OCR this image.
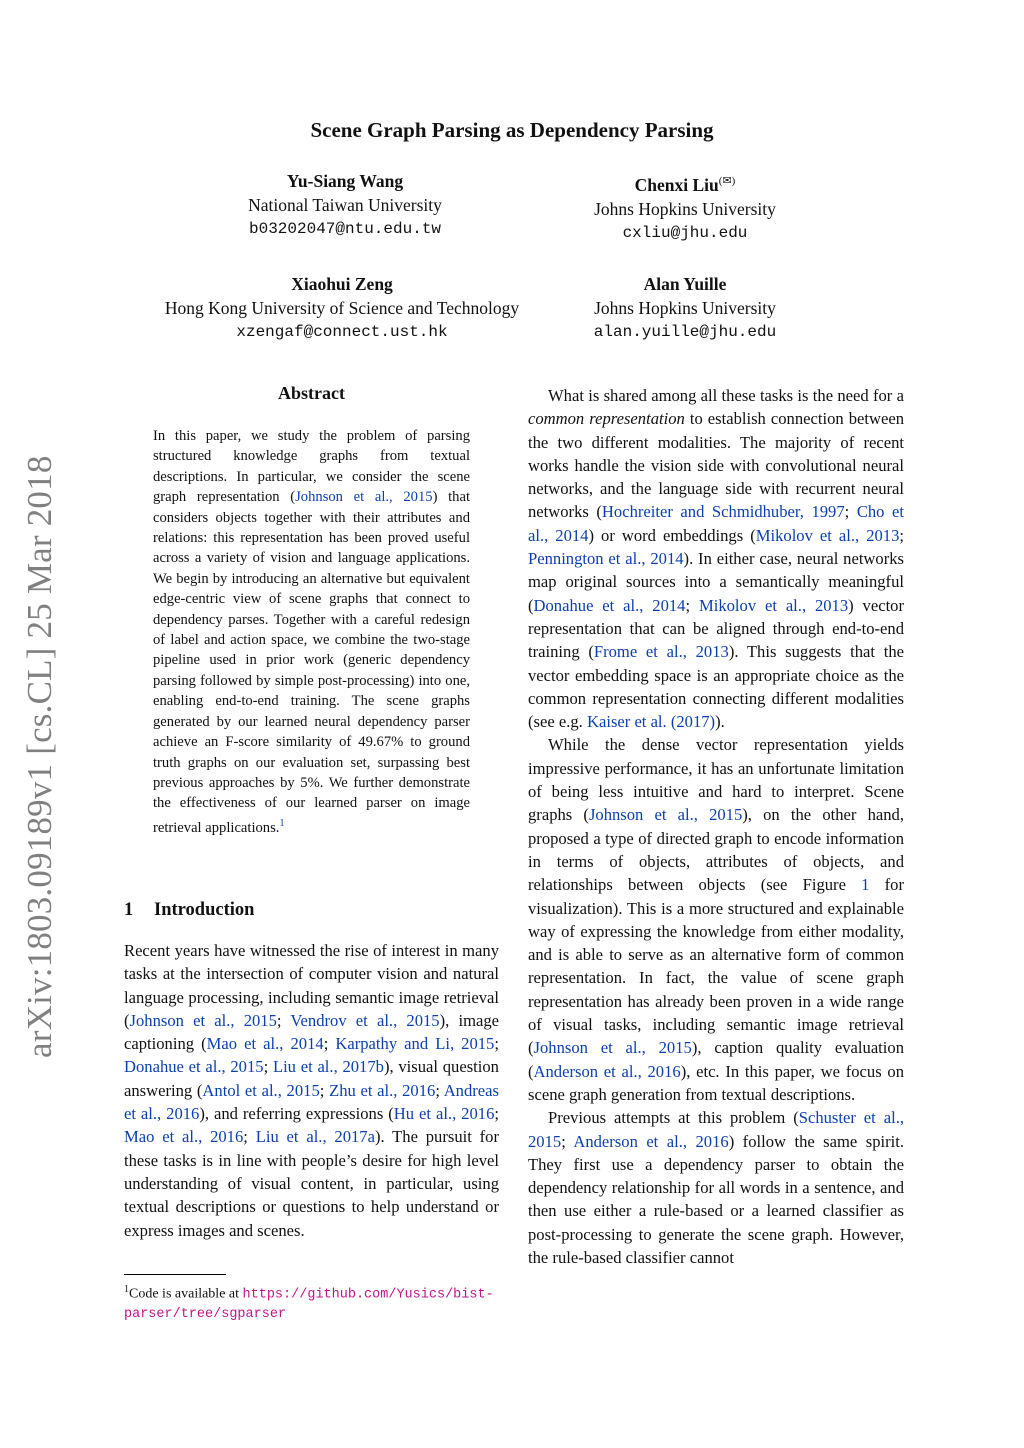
Scene Graph Parsing as Dependency Parsing
Yu-Siang Wang
National Taiwan University
b03202047@ntu.edu.tw
Chenxi Liu(✉)
Johns Hopkins University
cxliu@jhu.edu
Xiaohui Zeng
Hong Kong University of Science and Technology
xzengaf@connect.ust.hk
Alan Yuille
Johns Hopkins University
alan.yuille@jhu.edu
arXiv:1803.09189v1 [cs.CL] 25 Mar 2018
Abstract
In this paper, we study the problem of parsing structured knowledge graphs from textual descriptions. In particular, we consider the scene graph representation (Johnson et al., 2015) that considers objects together with their attributes and relations: this representation has been proved useful across a variety of vision and language applications. We begin by introducing an alternative but equivalent edge-centric view of scene graphs that connect to dependency parses. Together with a careful redesign of label and action space, we combine the two-stage pipeline used in prior work (generic dependency parsing followed by simple post-processing) into one, enabling end-to-end training. The scene graphs generated by our learned neural dependency parser achieve an F-score similarity of 49.67% to ground truth graphs on our evaluation set, surpassing best previous approaches by 5%. We further demonstrate the effectiveness of our learned parser on image retrieval applications.$^1$
1 Introduction

Recent years have witnessed the rise of interest in many tasks at the intersection of computer vision and natural language processing, including semantic image retrieval (Johnson et al., 2015; Vendrov et al., 2015), image captioning (Mao et al., 2014; Karpathy and Li, 2015; Donahue et al., 2015; Liu et al., 2017b), visual question answering (Antol et al., 2015; Zhu et al., 2016; Andreas et al., 2016), and referring expressions (Hu et al., 2016; Mao et al., 2016; Liu et al., 2017a). The pursuit for these tasks is in line with people’s desire for high level understanding of visual content, in particular, using textual descriptions or questions to help understand or express images and scenes.

$^1$Code is available at https://github.com/Yusics/bist-parser/tree/sgparser

What is shared among all these tasks is the need for a common representation to establish connection between the two different modalities. The majority of recent works handle the vision side with convolutional neural networks, and the language side with recurrent neural networks (Hochreiter and Schmidhuber, 1997; Cho et al., 2014) or word embeddings (Mikolov et al., 2013; Pennington et al., 2014). In either case, neural networks map original sources into a semantically meaningful (Donahue et al., 2014; Mikolov et al., 2013) vector representation that can be aligned through end-to-end training (Frome et al., 2013). This suggests that the vector embedding space is an appropriate choice as the common representation connecting different modalities (see e.g. Kaiser et al. (2017)).

While the dense vector representation yields impressive performance, it has an unfortunate limitation of being less intuitive and hard to interpret. Scene graphs (Johnson et al., 2015), on the other hand, proposed a type of directed graph to encode information in terms of objects, attributes of objects, and relationships between objects (see Figure 1 for visualization). This is a more structured and explainable way of expressing the knowledge from either modality, and is able to serve as an alternative form of common representation. In fact, the value of scene graph representation has already been proven in a wide range of visual tasks, including semantic image retrieval (Johnson et al., 2015), caption quality evaluation (Anderson et al., 2016), etc. In this paper, we focus on scene graph generation from textual descriptions.

Previous attempts at this problem (Schuster et al., 2015; Anderson et al., 2016) follow the same spirit. They first use a dependency parser to obtain the dependency relationship for all words in a sentence, and then use either a rule-based or a learned classifier as post-processing to generate the scene graph. However, the rule-based classifier cannot
